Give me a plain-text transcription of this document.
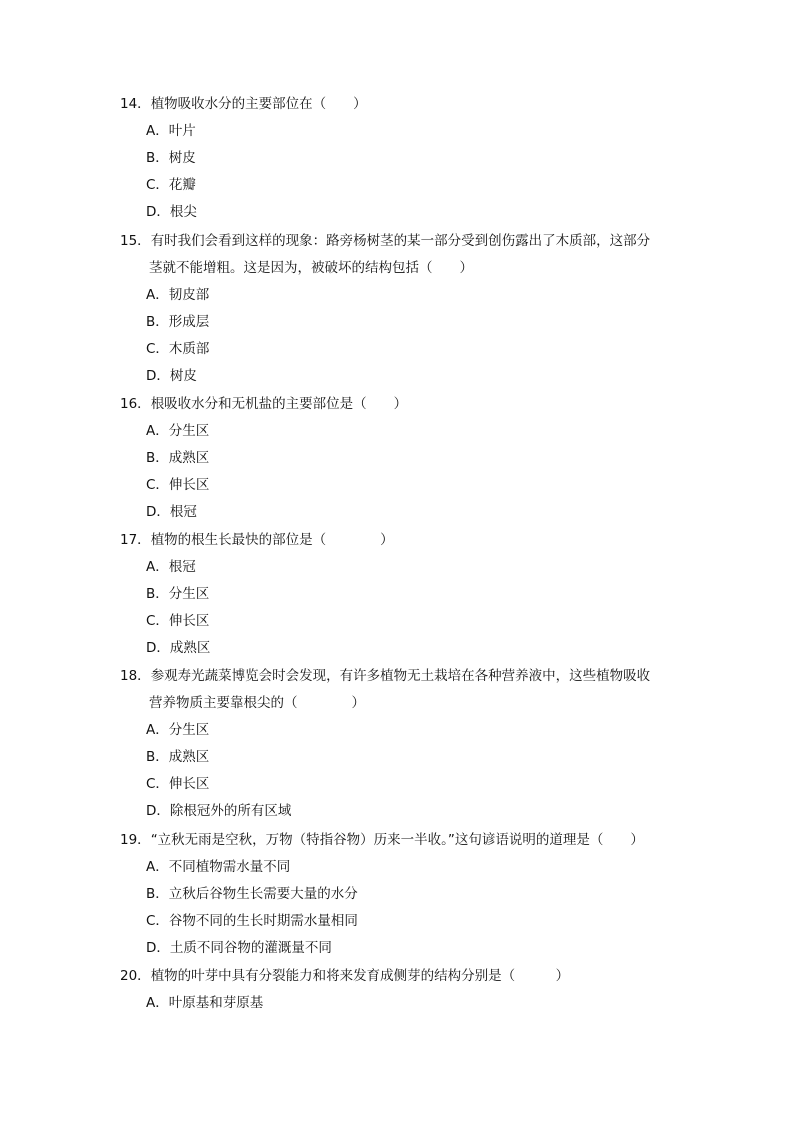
14．植物吸收水分的主要部位在（　　）
A．叶片
B．树皮
C．花瓣
D．根尖
15．有时我们会看到这样的现象：路旁杨树茎的某一部分受到创伤露出了木质部，这部分
茎就不能增粗。这是因为，被破坏的结构包括（　　）
A．韧皮部
B．形成层
C．木质部
D．树皮
16．根吸收水分和无机盐的主要部位是（　　）
A．分生区
B．成熟区
C．伸长区
D．根冠
17．植物的根生长最快的部位是（　　　　）
A．根冠
B．分生区
C．伸长区
D．成熟区
18．参观寿光蔬菜博览会时会发现，有许多植物无土栽培在各种营养液中，这些植物吸收
营养物质主要靠根尖的（　　　　）
A．分生区
B．成熟区
C．伸长区
D．除根冠外的所有区域
19．“立秋无雨是空秋，万物（特指谷物）历来一半收。”这句谚语说明的道理是（　　）
A．不同植物需水量不同
B．立秋后谷物生长需要大量的水分
C．谷物不同的生长时期需水量相同
D．土质不同谷物的灌溉量不同
20．植物的叶芽中具有分裂能力和将来发育成侧芽的结构分别是（　　　）
A．叶原基和芽原基
